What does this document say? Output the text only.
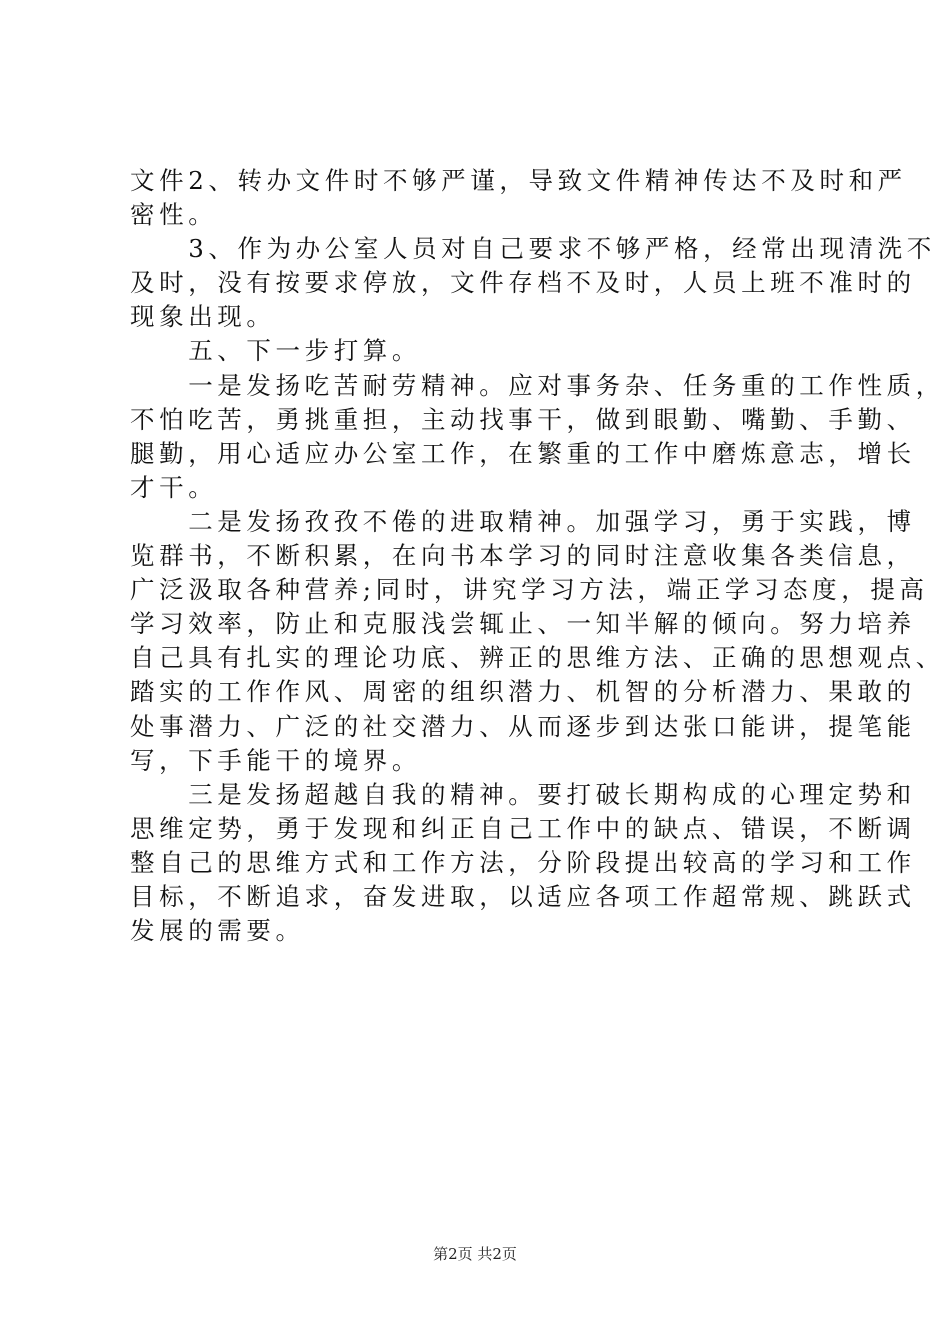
文件2、转办文件时不够严谨，导致文件精神传达不及时和严
密性。
　　3、作为办公室人员对自己要求不够严格，经常出现清洗不
及时，没有按要求停放，文件存档不及时，人员上班不准时的
现象出现。
　　五、下一步打算。
　　一是发扬吃苦耐劳精神。应对事务杂、任务重的工作性质，
不怕吃苦，勇挑重担，主动找事干，做到眼勤、嘴勤、手勤、
腿勤，用心适应办公室工作，在繁重的工作中磨炼意志，增长
才干。
　　二是发扬孜孜不倦的进取精神。加强学习，勇于实践，博
览群书，不断积累，在向书本学习的同时注意收集各类信息，
广泛汲取各种营养;同时，讲究学习方法，端正学习态度，提高
学习效率，防止和克服浅尝辄止、一知半解的倾向。努力培养
自己具有扎实的理论功底、辨正的思维方法、正确的思想观点、
踏实的工作作风、周密的组织潜力、机智的分析潜力、果敢的
处事潜力、广泛的社交潜力、从而逐步到达张口能讲，提笔能
写，下手能干的境界。
　　三是发扬超越自我的精神。要打破长期构成的心理定势和
思维定势，勇于发现和纠正自己工作中的缺点、错误，不断调
整自己的思维方式和工作方法，分阶段提出较高的学习和工作
目标，不断追求，奋发进取，以适应各项工作超常规、跳跃式
发展的需要。
第2页 共2页
